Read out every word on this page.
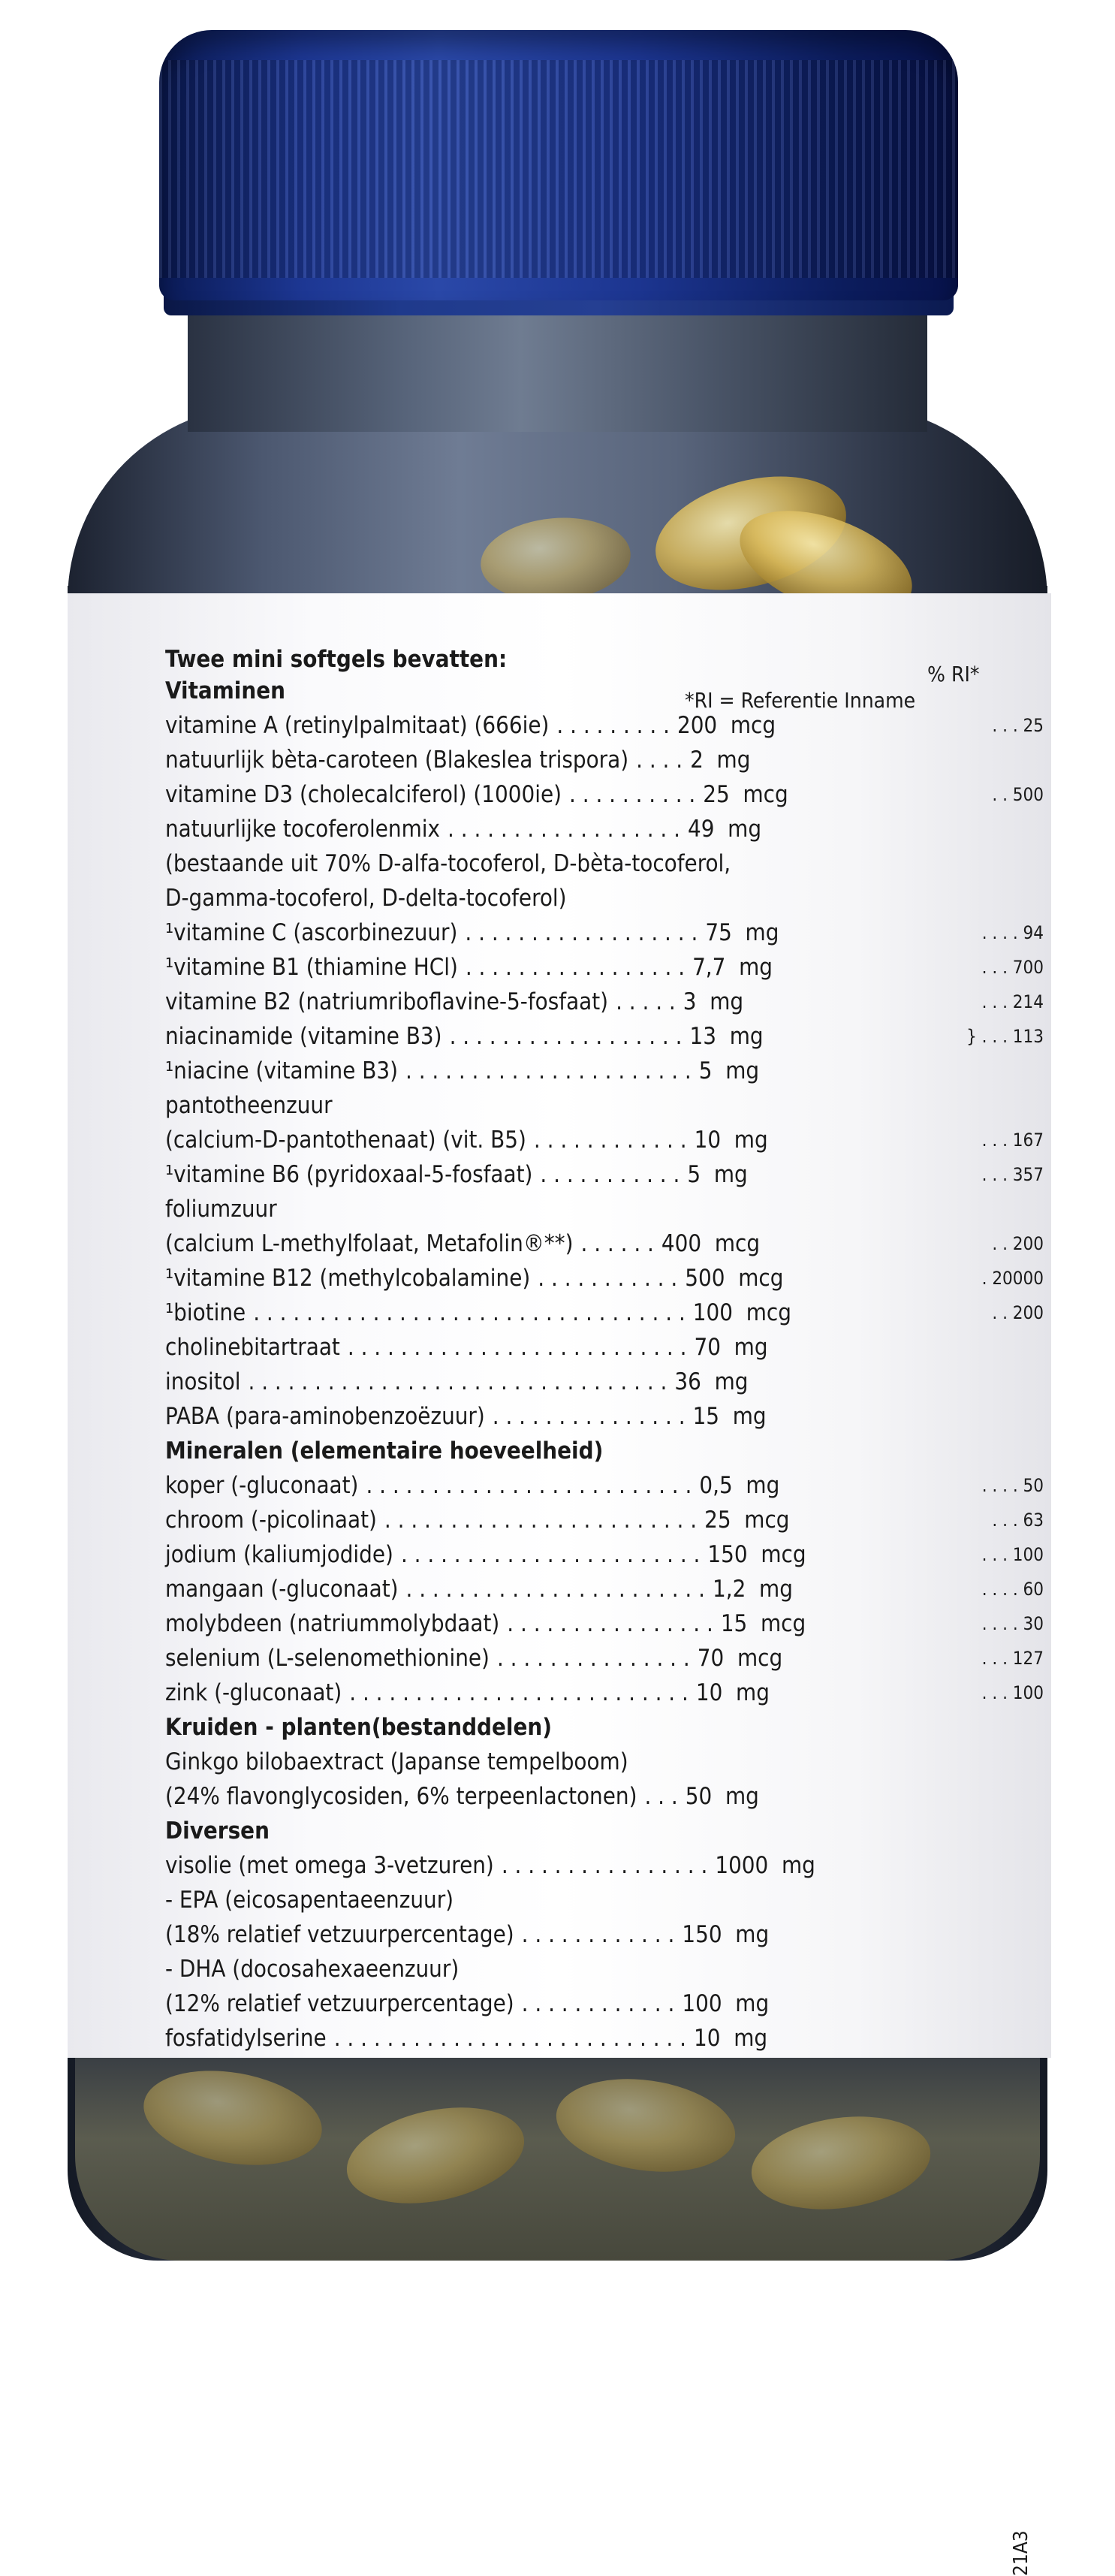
Twee mini softgels bevatten:
% RI*
*RI = Referentie Inname
Vitaminen
vitamine A (retinylpalmitaat) (666ie) . . . . . . . . . 200  mcg	. . . 25
natuurlijk bèta-caroteen (Blakeslea trispora) . . . . 2  mg
vitamine D3 (cholecalciferol) (1000ie) . . . . . . . . . . 25  mcg	. . 500
natuurlijke tocoferolenmix . . . . . . . . . . . . . . . . . . 49  mg
(bestaande uit 70% D-alfa-tocoferol, D-bèta-tocoferol,
D-gamma-tocoferol, D-delta-tocoferol)
¹vitamine C (ascorbinezuur) . . . . . . . . . . . . . . . . . . 75  mg	. . . . 94
¹vitamine B1 (thiamine HCl) . . . . . . . . . . . . . . . . . 7,7  mg	. . . 700
vitamine B2 (natriumriboflavine-5-fosfaat) . . . . . 3  mg	. . . 214
niacinamide (vitamine B3) . . . . . . . . . . . . . . . . . . 13  mg	} . . . 113
¹niacine (vitamine B3) . . . . . . . . . . . . . . . . . . . . . . 5  mg
pantotheenzuur
(calcium-D-pantothenaat) (vit. B5) . . . . . . . . . . . . 10  mg	. . . 167
¹vitamine B6 (pyridoxaal-5-fosfaat) . . . . . . . . . . . 5  mg	. . . 357
foliumzuur
(calcium L-methylfolaat, Metafolin®**) . . . . . . 400  mcg	. . 200
¹vitamine B12 (methylcobalamine) . . . . . . . . . . . 500  mcg	. 20000
¹biotine . . . . . . . . . . . . . . . . . . . . . . . . . . . . . . . . . 100  mcg	. . 200
cholinebitartraat . . . . . . . . . . . . . . . . . . . . . . . . . . 70  mg
inositol . . . . . . . . . . . . . . . . . . . . . . . . . . . . . . . . 36  mg
PABA (para-aminobenzoëzuur) . . . . . . . . . . . . . . . 15  mg
Mineralen (elementaire hoeveelheid)
koper (-gluconaat) . . . . . . . . . . . . . . . . . . . . . . . . . 0,5  mg	. . . . 50
chroom (-picolinaat) . . . . . . . . . . . . . . . . . . . . . . . . 25  mcg	. . . 63
jodium (kaliumjodide) . . . . . . . . . . . . . . . . . . . . . . . 150  mcg	. . . 100
mangaan (-gluconaat) . . . . . . . . . . . . . . . . . . . . . . . 1,2  mg	. . . . 60
molybdeen (natriummolybdaat) . . . . . . . . . . . . . . . . 15  mcg	. . . . 30
selenium (L-selenomethionine) . . . . . . . . . . . . . . . 70  mcg	. . . 127
zink (-gluconaat) . . . . . . . . . . . . . . . . . . . . . . . . . . 10  mg	. . . 100
Kruiden - planten(bestanddelen)
Ginkgo bilobaextract (Japanse tempelboom)
(24% flavonglycosiden, 6% terpeenlactonen) . . . 50  mg
Diversen
visolie (met omega 3-vetzuren) . . . . . . . . . . . . . . . . 1000  mg
- EPA (eicosapentaeenzuur)
(18% relatief vetzuurpercentage) . . . . . . . . . . . . 150  mg
- DHA (docosahexaeenzuur)
(12% relatief vetzuurpercentage) . . . . . . . . . . . . 100  mg
fosfatidylserine . . . . . . . . . . . . . . . . . . . . . . . . . . . 10  mg
21A3
